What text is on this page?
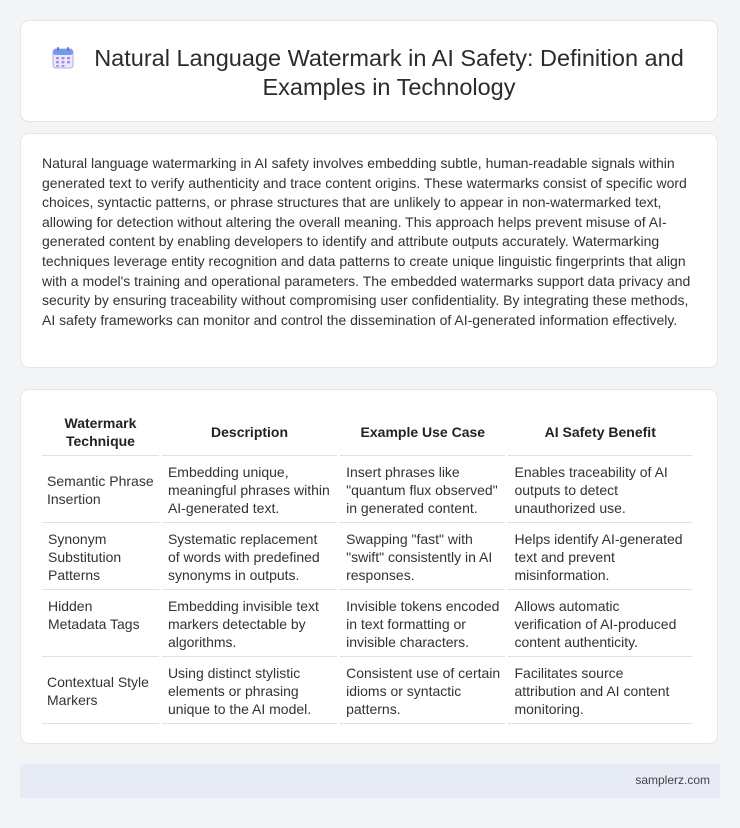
Natural Language Watermark in AI Safety: Definition and Examples in Technology

Natural language watermarking in AI safety involves embedding subtle, human-readable signals within generated text to verify authenticity and trace content origins. These watermarks consist of specific word choices, syntactic patterns, or phrase structures that are unlikely to appear in non-watermarked text, allowing for detection without altering the overall meaning. This approach helps prevent misuse of AI-generated content by enabling developers to identify and attribute outputs accurately. Watermarking techniques leverage entity recognition and data patterns to create unique linguistic fingerprints that align with a model's training and operational parameters. The embedded watermarks support data privacy and security by ensuring traceability without compromising user confidentiality. By integrating these methods, AI safety frameworks can monitor and control the dissemination of AI-generated information effectively.

Watermark Technique	Description	Example Use Case	AI Safety Benefit
Semantic Phrase Insertion	Embedding unique, meaningful phrases within AI-generated text.	Insert phrases like "quantum flux observed" in generated content.	Enables traceability of AI outputs to detect unauthorized use.
Synonym Substitution Patterns	Systematic replacement of words with predefined synonyms in outputs.	Swapping "fast" with "swift" consistently in AI responses.	Helps identify AI-generated text and prevent misinformation.
Hidden Metadata Tags	Embedding invisible text markers detectable by algorithms.	Invisible tokens encoded in text formatting or invisible characters.	Allows automatic verification of AI-produced content authenticity.
Contextual Style Markers	Using distinct stylistic elements or phrasing unique to the AI model.	Consistent use of certain idioms or syntactic patterns.	Facilitates source attribution and AI content monitoring.
samplerz.com
